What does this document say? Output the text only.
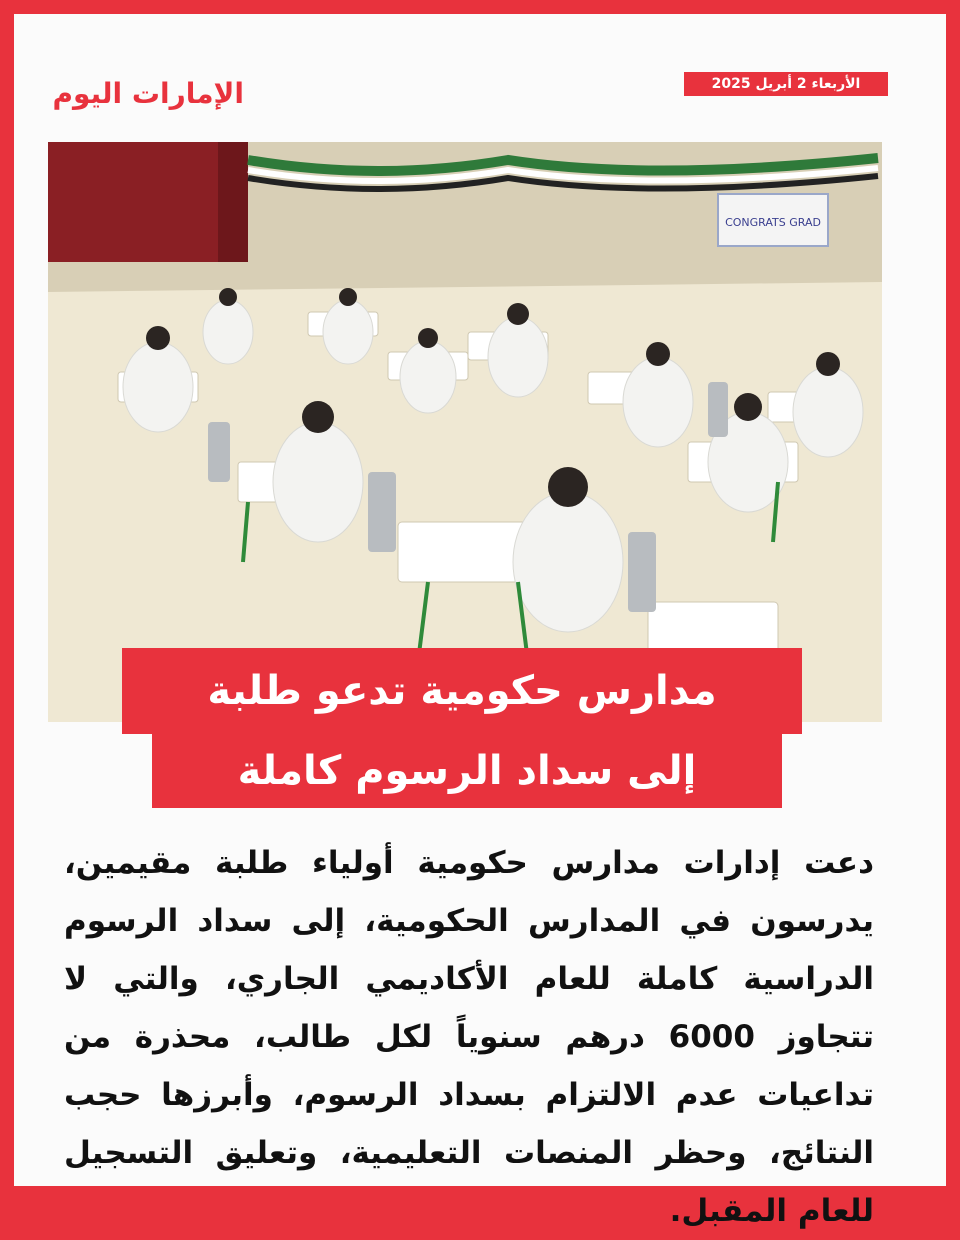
الإمارات اليوم	الأربعاء 2 أبريل 2025
CONGRATS GRAD
مدارس حكومية تدعو طلبة
إلى سداد الرسوم كاملة
دعت إدارات مدارس حكومية أولياء طلبة مقيمين، يدرسون في المدارس الحكومية، إلى سداد الرسوم الدراسية كاملة للعام الأكاديمي الجاري، والتي لا تتجاوز 6000 درهم سنوياً لكل طالب، محذرة من تداعيات عدم الالتزام بسداد الرسوم، وأبرزها حجب النتائج، وحظر المنصات التعليمية، وتعليق التسجيل للعام المقبل.
